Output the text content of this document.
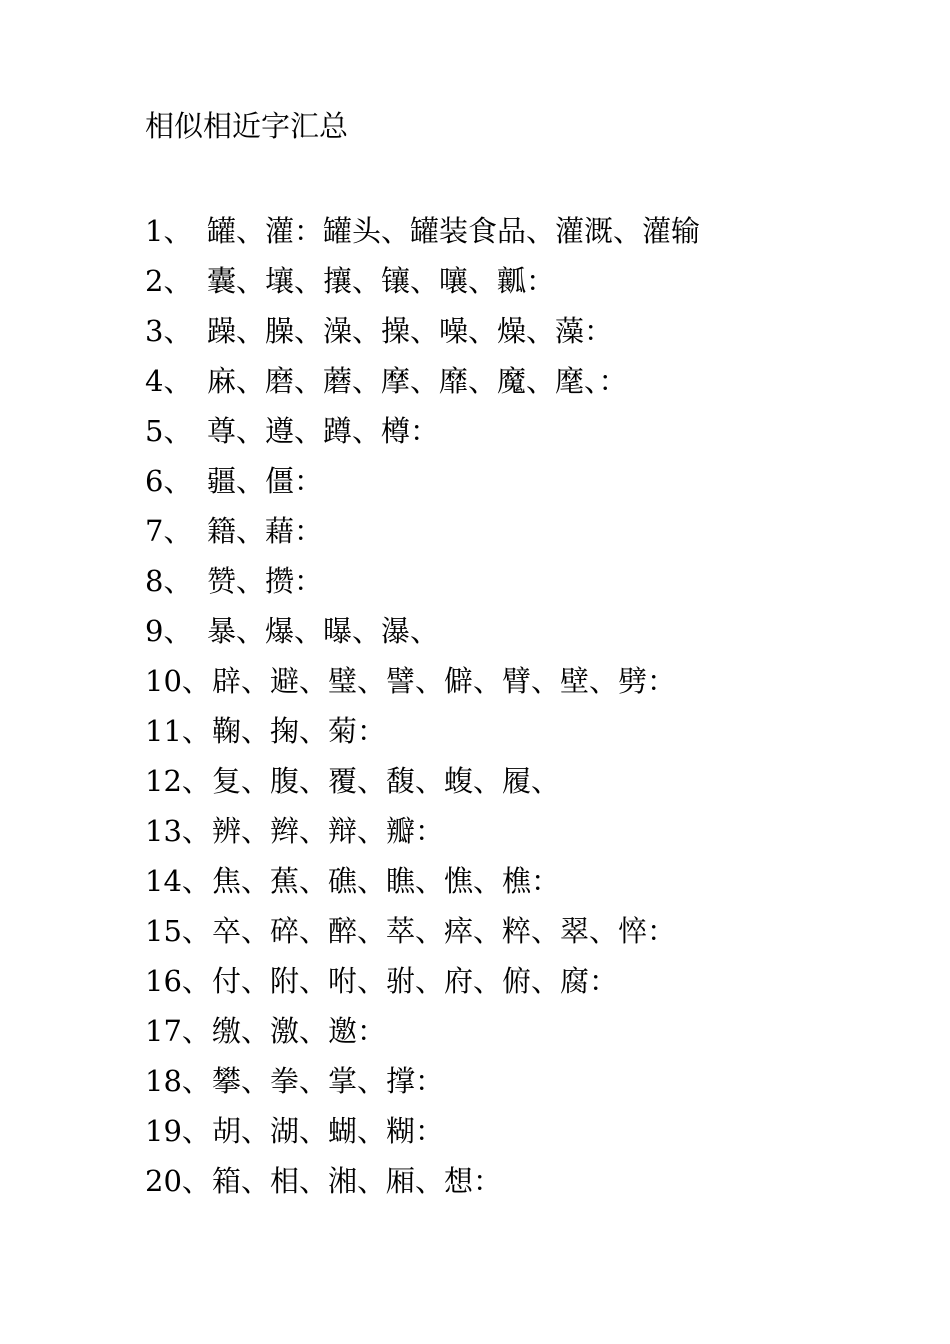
相似相近字汇总
1、 罐、灌：罐头、罐装食品、灌溉、灌输
2、 囊、壤、攘、镶、嚷、瓤：
3、 躁、臊、澡、操、噪、燥、藻：
4、 麻、磨、蘑、摩、靡、魔、麾、：
5、 尊、遵、蹲、樽：
6、 疆、僵：
7、 籍、藉：
8、 赞、攒：
9、 暴、爆、曝、瀑、
10、辟、避、璧、譬、僻、臂、壁、劈：
11、鞠、掬、菊：
12、复、腹、覆、馥、蝮、履、
13、辨、辫、辩、瓣：
14、焦、蕉、礁、瞧、憔、樵：
15、卒、碎、醉、萃、瘁、粹、翠、悴：
16、付、附、咐、驸、府、俯、腐：
17、缴、激、邀：
18、攀、拳、掌、撑：
19、胡、湖、蝴、糊：
20、箱、相、湘、厢、想：
